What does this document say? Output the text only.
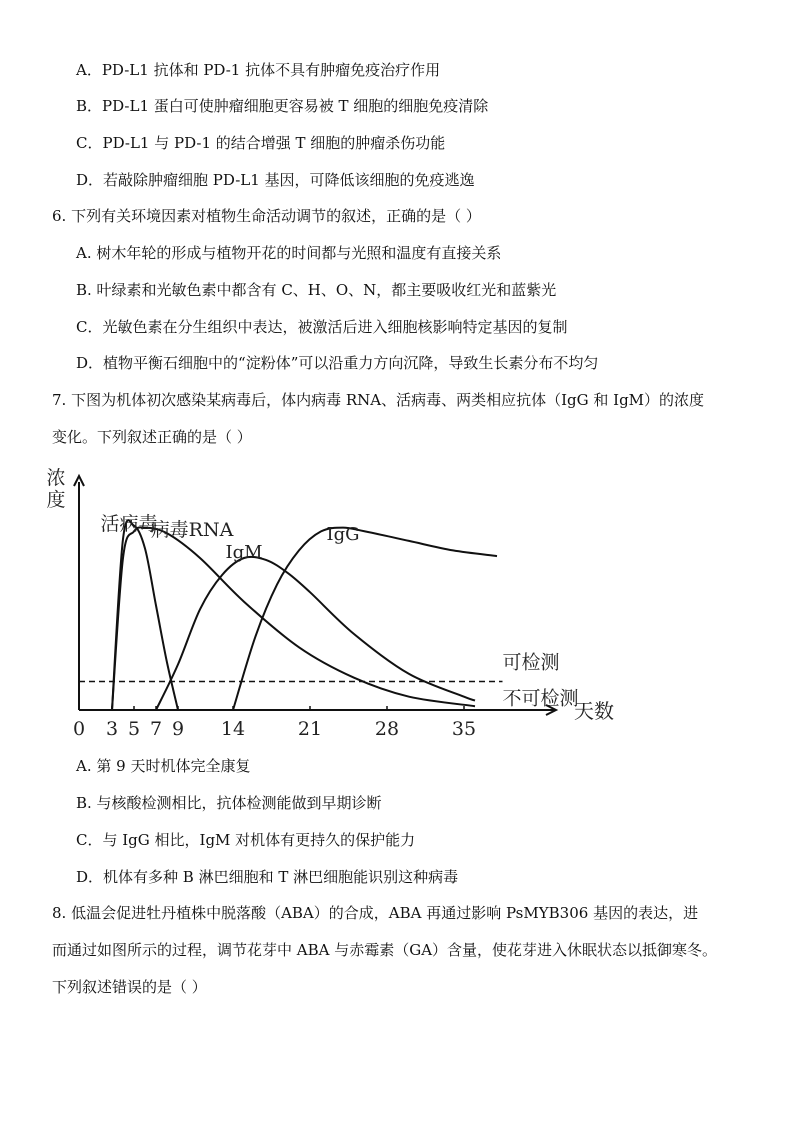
A．PD-L1 抗体和 PD-1 抗体不具有肿瘤免疫治疗作用
B．PD-L1 蛋白可使肿瘤细胞更容易被 T 细胞的细胞免疫清除
C．PD-L1 与 PD-1 的结合增强 T 细胞的肿瘤杀伤功能
D．若敲除肿瘤细胞 PD-L1 基因，可降低该细胞的免疫逃逸
6. 下列有关环境因素对植物生命活动调节的叙述，正确的是（ ）
A. 树木年轮的形成与植物开花的时间都与光照和温度有直接关系
B. 叶绿素和光敏色素中都含有 C、H、O、N，都主要吸收红光和蓝紫光
C．光敏色素在分生组织中表达，被激活后进入细胞核影响特定基因的复制
D．植物平衡石细胞中的“淀粉体”可以沿重力方向沉降，导致生长素分布不均匀
7. 下图为机体初次感染某病毒后，体内病毒 RNA、活病毒、两类相应抗体（IgG 和 IgM）的浓度
变化。下列叙述正确的是（ ）
浓
度
天数
0 3 5 7 9 14	21	28	35
可检测
不可检测
活病毒
病毒RNA
IgM
IgG
A. 第 9 天时机体完全康复
B. 与核酸检测相比，抗体检测能做到早期诊断
C．与 IgG 相比，IgM 对机体有更持久的保护能力
D．机体有多种 B 淋巴细胞和 T 淋巴细胞能识别这种病毒
8. 低温会促进牡丹植株中脱落酸（ABA）的合成，ABA 再通过影响 PsMYB306 基因的表达，进
而通过如图所示的过程，调节花芽中 ABA 与赤霉素（GA）含量，使花芽进入休眠状态以抵御寒冬。
下列叙述错误的是（ ）
